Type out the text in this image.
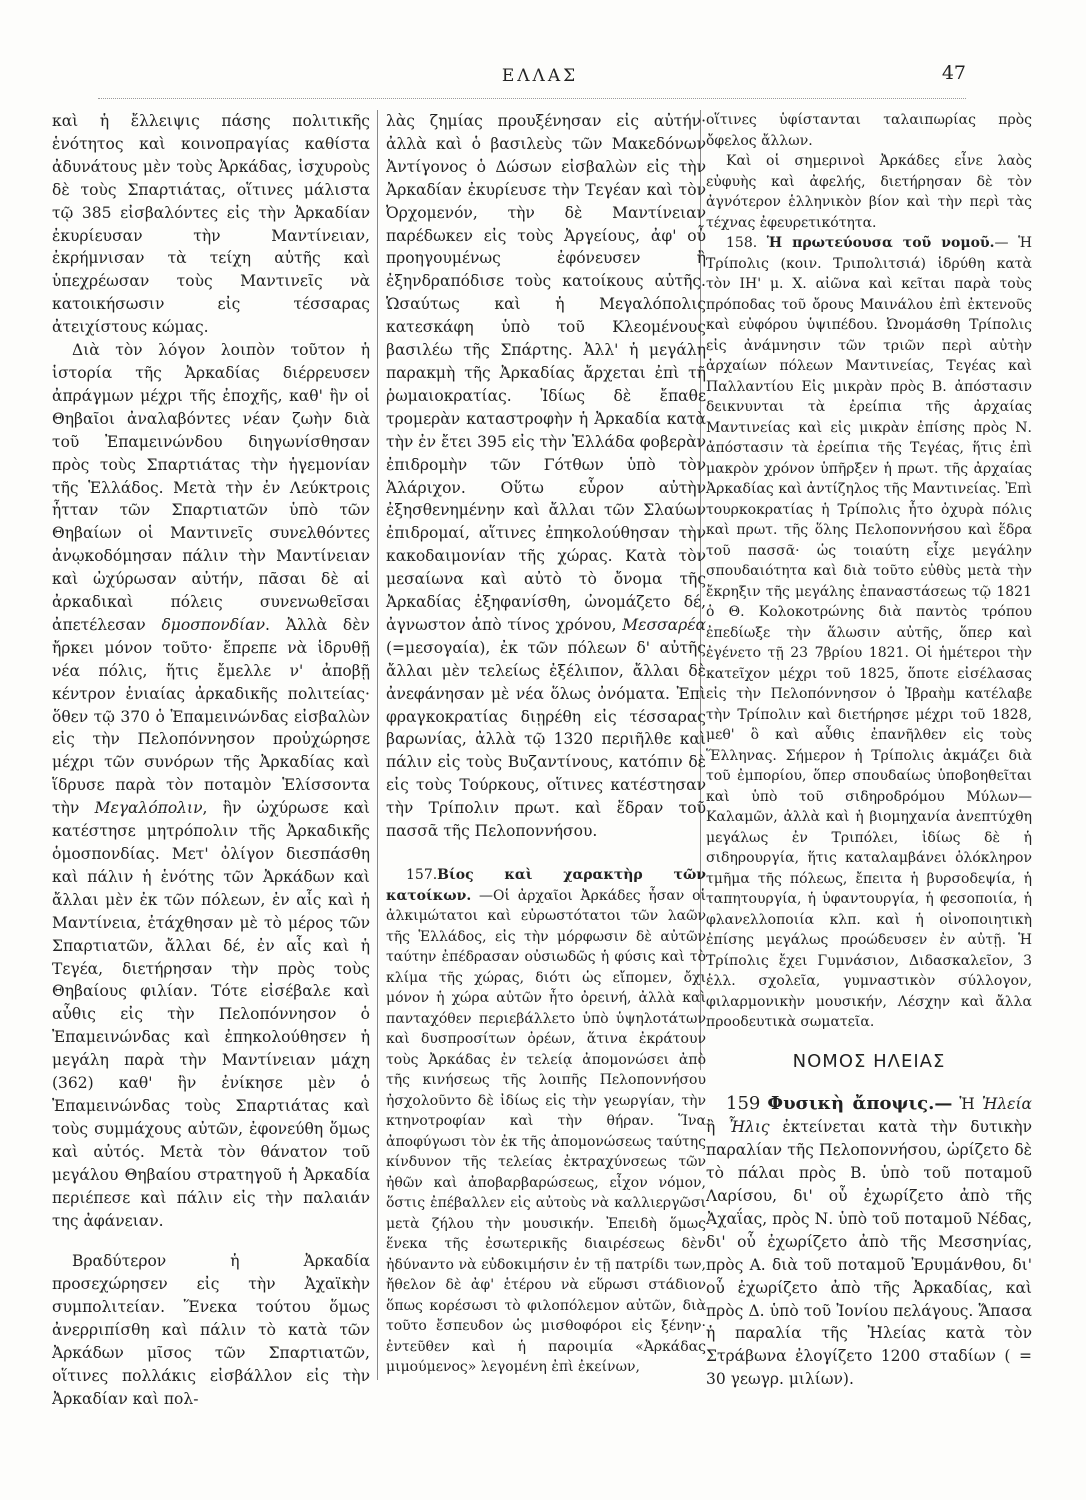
ΕΛΛΑΣ	47

καὶ ἡ ἔλλειψις πάσης πολιτικῆς ἑνότητος καὶ κοινοπραγίας καθίστα ἀδυνάτους μὲν τοὺς Ἀρκάδας, ἰσχυροὺς δὲ τοὺς Σπαρτιάτας, οἵτινες μάλιστα τῷ 385 εἰσβαλόντες εἰς τὴν Ἀρκαδίαν ἐκυρίευσαν τὴν Μαντίνειαν, ἐκρήμνισαν τὰ τείχη αὐτῆς καὶ ὑπεχρέωσαν τοὺς Μαντινεῖς νὰ κατοικήσωσιν εἰς τέσσαρας ἀτειχίστους κώμας.

Διὰ τὸν λόγον λοιπὸν τοῦτον ἡ ἱστορία τῆς Ἀρκαδίας διέρρευσεν ἀπράγμων μέχρι τῆς ἐποχῆς, καθ' ἣν οἱ Θηβαῖοι ἀναλαβόντες νέαν ζωὴν διὰ τοῦ Ἐπαμεινώνδου διηγωνίσθησαν πρὸς τοὺς Σπαρτιάτας τὴν ἡγεμονίαν τῆς Ἑλλάδος. Μετὰ τὴν ἐν Λεύκτροις ἧτταν τῶν Σπαρτιατῶν ὑπὸ τῶν Θηβαίων οἱ Μαντινεῖς συνελθόντες ἀνῳκοδόμησαν πάλιν τὴν Μαντίνειαν καὶ ὠχύρωσαν αὐτήν, πᾶσαι δὲ αἱ ἀρκαδικαὶ πόλεις συνενωθεῖσαι ἀπετέλεσαν δμοσπονδίαν. Ἀλλὰ δὲν ἤρκει μόνον τοῦτο· ἔπρεπε νὰ ἱδρυθῇ νέα πόλις, ἥτις ἔμελλε ν' ἀποβῇ κέντρον ἑνιαίας ἀρκαδικῆς πολιτείας· ὅθεν τῷ 370 ὁ Ἐπαμεινώνδας εἰσβαλὼν εἰς τὴν Πελοπόννησον προὐχώρησε μέχρι τῶν συνόρων τῆς Ἀρκαδίας καὶ ἵδρυσε παρὰ τὸν ποταμὸν Ἑλίσσοντα τὴν Μεγαλόπολιν, ἣν ὠχύρωσε καὶ κατέστησε μητρόπολιν τῆς Ἀρκαδικῆς ὁμοσπονδίας. Μετ' ὀλίγον διεσπάσθη καὶ πάλιν ἡ ἑνότης τῶν Ἀρκάδων καὶ ἄλλαι μὲν ἐκ τῶν πόλεων, ἐν αἷς καὶ ἡ Μαντίνεια, ἐτάχθησαν μὲ τὸ μέρος τῶν Σπαρτιατῶν, ἄλλαι δέ, ἐν αἷς καὶ ἡ Τεγέα, διετήρησαν τὴν πρὸς τοὺς Θηβαίους φιλίαν. Τότε εἰσέβαλε καὶ αὖθις εἰς τὴν Πελοπόννησον ὁ Ἐπαμεινώνδας καὶ ἐπηκολούθησεν ἡ μεγάλη παρὰ τὴν Μαντίνειαν μάχη (362) καθ' ἣν ἐνίκησε μὲν ὁ Ἐπαμεινώνδας τοὺς Σπαρτιάτας καὶ τοὺς συμμάχους αὐτῶν, ἐφονεύθη ὅμως καὶ αὐτός. Μετὰ τὸν θάνατον τοῦ μεγάλου Θηβαίου στρατηγοῦ ἡ Ἀρκαδία περιέπεσε καὶ πάλιν εἰς τὴν παλαιάν της ἀφάνειαν.

Βραδύτερον ἡ Ἀρκαδία προσεχώρησεν εἰς τὴν Ἀχαϊκὴν συμπολιτείαν. Ἕνεκα τούτου ὅμως ἀνερριπίσθη καὶ πάλιν τὸ κατὰ τῶν Ἀρκάδων μῖσος τῶν Σπαρτιατῶν, οἵτινες πολλάκις εἰσβάλλον εἰς τὴν Ἀρκαδίαν καὶ πολ-

λὰς ζημίας προυξένησαν εἰς αὐτήν· ἀλλὰ καὶ ὁ βασιλεὺς τῶν Μακεδόνων Ἀντίγονος ὁ Δώσων εἰσβαλὼν εἰς τὴν Ἀρκαδίαν ἐκυρίευσε τὴν Τεγέαν καὶ τὸν Ὀρχομενόν, τὴν δὲ Μαντίνειαν παρέδωκεν εἰς τοὺς Ἀργείους, ἀφ' οὗ προηγουμένως ἐφόνευσεν ἢ ἐξηνδραπόδισε τοὺς κατοίκους αὐτῆς. Ὡσαύτως καὶ ἡ Μεγαλόπολις κατεσκάφη ὑπὸ τοῦ Κλεομένους βασιλέω τῆς Σπάρτης. Ἀλλ' ἡ μεγάλη παρακμὴ τῆς Ἀρκαδίας ἄρχεται ἐπὶ τῆ ῥωμαιοκρατίας. Ἰδίως δὲ ἔπαθε τρομερὰν καταστροφὴν ἡ Ἀρκαδία κατὰ τὴν ἐν ἔτει 395 εἰς τὴν Ἑλλάδα φοβερὰν ἐπιδρομὴν τῶν Γότθων ὑπὸ τὸν Ἀλάριχον. Οὕτω εὗρον αὐτὴν ἐξησθενημένην καὶ ἄλλαι τῶν Σλαύων ἐπιδρομαί, αἵτινες ἐπηκολούθησαν τὴν κακοδαιμονίαν τῆς χώρας. Κατὰ τὸν μεσαίωνα καὶ αὐτὸ τὸ ὄνομα τῆς Ἀρκαδίας ἐξηφανίσθη, ὠνομάζετο δέ, ἀγνωστον ἀπὸ τίνος χρόνου, Μεσσαρέα (=μεσογαία), ἐκ τῶν πόλεων δ' αὐτῆς ἄλλαι μὲν τελείως ἐξέλιπον, ἄλλαι δὲ ἀνεφάνησαν μὲ νέα ὅλως ὀνόματα. Ἐπὶ φραγκοκρατίας διῃρέθη εἰς τέσσαρας βαρωνίας, ἀλλὰ τῷ 1320 περιῆλθε καὶ πάλιν εἰς τοὺς Βυζαντίνους, κατόπιν δὲ εἰς τοὺς Τούρκους, οἵτινες κατέστησαν τὴν Τρίπολιν πρωτ. καὶ ἕδραν τοῦ πασσᾶ τῆς Πελοποννήσου.

157.Βίος καὶ χαρακτὴρ τῶν κατοίκων. —Οἱ ἀρχαῖοι Ἀρκάδες ἦσαν οἱ ἀλκιμώτατοι καὶ εὐρωστότατοι τῶν λαῶν τῆς Ἑλλάδος, εἰς τὴν μόρφωσιν δὲ αὐτῶν ταύτην ἐπέδρασαν οὐσιωδῶς ἡ φύσις καὶ τὸ κλίμα τῆς χώρας, διότι ὡς εἴπομεν, ὄχι μόνον ἡ χώρα αὐτῶν ἦτο ὀρεινή, ἀλλὰ καὶ πανταχόθεν περιεβάλλετο ὑπὸ ὑψηλοτάτων καὶ δυσπροσίτων ὀρέων, ἅτινα ἐκράτουν τοὺς Ἀρκάδας ἐν τελείᾳ ἀπομονώσει ἀπὸ τῆς κινήσεως τῆς λοιπῆς Πελοποννήσου ἠσχολοῦντο δὲ ἰδίως εἰς τὴν γεωργίαν, τὴν κτηνοτροφίαν καὶ τὴν θήραν. Ἵνα ἀποφύγωσι τὸν ἐκ τῆς ἀπομονώσεως ταύτης κίνδυνον τῆς τελείας ἐκτραχύνσεως τῶν ἠθῶν καὶ ἀποβαρβαρώσεως, εἶχον νόμον, ὅστις ἐπέβαλλεν εἰς αὐτοὺς νὰ καλλιεργῶσι μετὰ ζήλου τὴν μουσικήν. Ἐπειδὴ ὅμως ἕνεκα τῆς ἐσωτερικῆς διαιρέσεως δὲν ἠδύναντο νὰ εὐδοκιμήσιν ἐν τῇ πατρίδι των, ἤθελον δὲ ἀφ' ἑτέρου νὰ εὕρωσι στάδιον ὅπως κορέσωσι τὸ φιλοπόλεμον αὐτῶν, διὰ τοῦτο ἔσπευδον ὡς μισθοφόροι εἰς ξένην· ἐντεῦθεν καὶ ἡ παροιμία «Ἀρκάδας μιμούμενος» λεγομένη ἐπὶ ἐκείνων,

οἵτινες ὑφίστανται ταλαιπωρίας πρὸς ὄφελος ἄλλων.

Καὶ οἱ σημερινοὶ Ἀρκάδες εἶνε λαὸς εὐφυὴς καὶ ἀφελής, διετήρησαν δὲ τὸν ἀγνότερον ἑλληνικὸν βίον καὶ τὴν περὶ τὰς τέχνας ἐφευρετικότητα.

158. Ἡ πρωτεύουσα τοῦ νομοῦ.— Ἡ Τρίπολις (κοιν. Τριπολιτσιά) ἱδρύθη κατὰ τὸν ΙΗ' μ. Χ. αἰῶνα καὶ κεῖται παρὰ τοὺς πρόποδας τοῦ ὄρους Μαινάλου ἐπὶ ἐκτενοῦς καὶ εὐφόρου ὑψιπέδου. Ὠνομάσθη Τρίπολις εἰς ἀνάμνησιν τῶν τριῶν περὶ αὐτὴν ἀρχαίων πόλεων Μαντινείας, Τεγέας καὶ Παλλαντίου Εἰς μικρὰν πρὸς Β. ἀπόστασιν δεικνυνται τὰ ἐρείπια τῆς ἀρχαίας Μαντινείας καὶ εἰς μικρὰν ἐπίσης πρὸς Ν. ἀπόστασιν τὰ ἐρείπια τῆς Τεγέας, ἥτις ἐπὶ μακρὸν χρόνον ὑπῆρξεν ἡ πρωτ. τῆς ἀρχαίας Ἀρκαδίας καὶ ἀντίζηλος τῆς Μαντινείας. Ἐπὶ τουρκοκρατίας ἡ Τρίπολις ἦτο ὀχυρὰ πόλις καὶ πρωτ. τῆς ὅλης Πελοποννήσου καὶ ἕδρα τοῦ πασσᾶ· ὡς τοιαύτη εἶχε μεγάλην σπουδαιότητα καὶ διὰ τοῦτο εὐθὺς μετὰ τὴν ἔκρηξιν τῆς μεγάλης ἐπαναστάσεως τῷ 1821 ὁ Θ. Κολοκοτρώνης διὰ παντὸς τρόπου ἐπεδίωξε τὴν ἅλωσιν αὐτῆς, ὅπερ καὶ ἐγένετο τῇ 23 7βρίου 1821. Οἱ ἡμέτεροι τὴν κατεῖχον μέχρι τοῦ 1825, ὅποτε εἰσέλασας εἰς τὴν Πελοπόννησον ὁ Ἰβραὴμ κατέλαβε τὴν Τρίπολιν καὶ διετήρησε μέχρι τοῦ 1828, μεθ' ὃ καὶ αὖθις ἐπανῆλθεν εἰς τοὺς Ἕλληνας. Σήμερον ἡ Τρίπολις ἀκμάζει διὰ τοῦ ἐμπορίου, ὅπερ σπουδαίως ὑποβοηθεῖται καὶ ὑπὸ τοῦ σιδηροδρόμου Μύλων—Καλαμῶν, ἀλλὰ καὶ ἡ βιομηχανία ἀνεπτύχθη μεγάλως ἐν Τριπόλει, ἰδίως δὲ ἡ σιδηρουργία, ἥτις καταλαμβάνει ὁλόκληρον τμῆμα τῆς πόλεως, ἔπειτα ἡ βυρσοδεψία, ἡ ταπητουργία, ἡ ὑφαντουργία, ἡ φεσοποιία, ἡ φλανελλοποιία κλπ. καὶ ἡ οἰνοποιητικὴ ἐπίσης μεγάλως προώδευσεν ἐν αὐτῇ. Ἡ Τρίπολις ἔχει Γυμνάσιον, Διδασκαλεῖον, 3 ἑλλ. σχολεῖα, γυμναστικὸν σύλλογον, φιλαρμονικὴν μουσικήν, Λέσχην καὶ ἄλλα προοδευτικὰ σωματεῖα.

ΝΟΜΟΣ ΗΛΕΙΑΣ

159 Φυσικὴ ἄποψις.— Ἡ Ἠλεία ἢ Ἦλις ἐκτείνεται κατὰ τὴν δυτικὴν παραλίαν τῆς Πελοποννήσου, ὡρίζετο δὲ τὸ πάλαι πρὸς Β. ὑπὸ τοῦ ποταμοῦ Λαρίσου, δι' οὗ ἐχωρίζετο ἀπὸ τῆς Ἀχαΐας, πρὸς Ν. ὑπὸ τοῦ ποταμοῦ Νέδας, δι' οὗ ἐχωρίζετο ἀπὸ τῆς Μεσσηνίας, πρὸς Α. διὰ τοῦ ποταμοῦ Ἐρυμάνθου, δι' οὗ ἐχωρίζετο ἀπὸ τῆς Ἀρκαδίας, καὶ πρὸς Δ. ὑπὸ τοῦ Ἰονίου πελάγους. Ἅπασα ἡ παραλία τῆς Ἠλείας κατὰ τὸν Στράβωνα ἐλογίζετο 1200 σταδίων ( = 30 γεωγρ. μιλίων).
